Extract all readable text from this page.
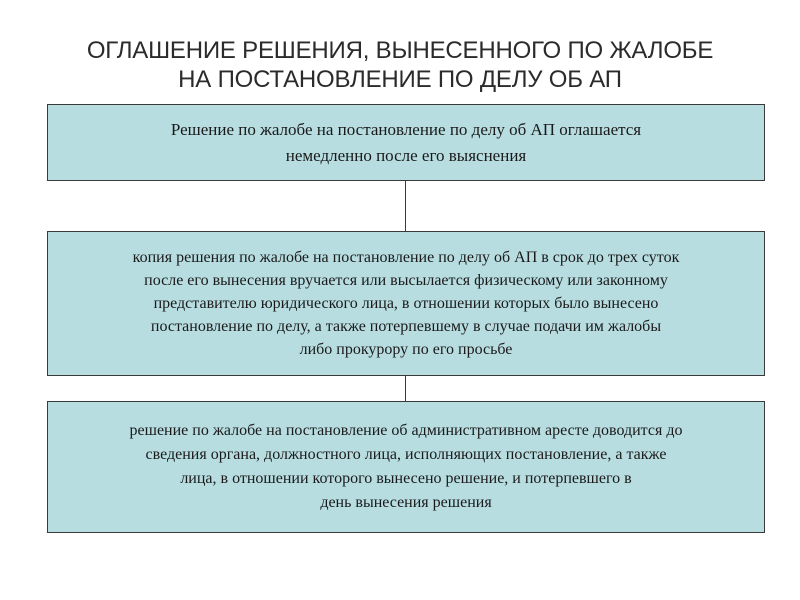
ОГЛАШЕНИЕ РЕШЕНИЯ, ВЫНЕСЕННОГО ПО ЖАЛОБЕ
НА ПОСТАНОВЛЕНИЕ ПО ДЕЛУ ОБ АП
Решение по жалобе на постановление по делу об АП оглашается
немедленно после его выяснения
копия решения по жалобе на постановление по делу об АП в срок до трех суток
после его вынесения вручается или высылается физическому или законному
представителю юридического лица, в отношении которых было вынесено
постановление по делу, а также потерпевшему в случае подачи им жалобы
либо прокурору по его просьбе
решение по жалобе на постановление об административном аресте доводится до
сведения органа, должностного лица, исполняющих постановление, а также
лица, в отношении которого вынесено решение, и потерпевшего в
день вынесения решения
